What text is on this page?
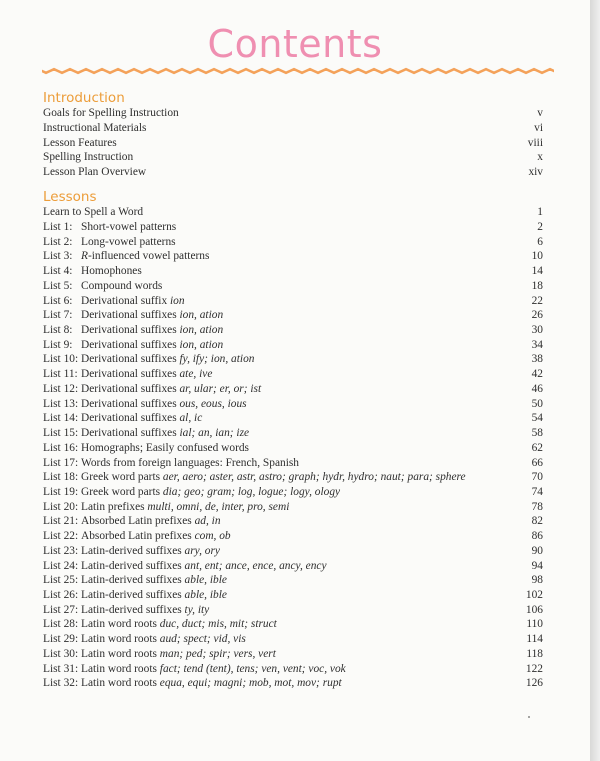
Contents
Introduction
Goals for Spelling Instruction	v
Instructional Materials	vi
Lesson Features	viii
Spelling Instruction	x
Lesson Plan Overview	xiv
Lessons
Learn to Spell a Word	1
List 1: Short-vowel patterns	2
List 2: Long-vowel patterns	6
List 3: R-influenced vowel patterns	10
List 4: Homophones	14
List 5: Compound words	18
List 6: Derivational suffix ion	22
List 7: Derivational suffixes ion, ation	26
List 8: Derivational suffixes ion, ation	30
List 9: Derivational suffixes ion, ation	34
List 10: Derivational suffixes fy, ify; ion, ation	38
List 11: Derivational suffixes ate, ive	42
List 12: Derivational suffixes ar, ular; er, or; ist	46
List 13: Derivational suffixes ous, eous, ious	50
List 14: Derivational suffixes al, ic	54
List 15: Derivational suffixes ial; an, ian; ize	58
List 16: Homographs; Easily confused words	62
List 17: Words from foreign languages: French, Spanish	66
List 18: Greek word parts aer, aero; aster, astr, astro; graph; hydr, hydro; naut; para; sphere	70
List 19: Greek word parts dia; geo; gram; log, logue; logy, ology	74
List 20: Latin prefixes multi, omni, de, inter, pro, semi	78
List 21: Absorbed Latin prefixes ad, in	82
List 22: Absorbed Latin prefixes com, ob	86
List 23: Latin-derived suffixes ary, ory	90
List 24: Latin-derived suffixes ant, ent; ance, ence, ancy, ency	94
List 25: Latin-derived suffixes able, ible	98
List 26: Latin-derived suffixes able, ible	102
List 27: Latin-derived suffixes ty, ity	106
List 28: Latin word roots duc, duct; mis, mit; struct	110
List 29: Latin word roots aud; spect; vid, vis	114
List 30: Latin word roots man; ped; spir; vers, vert	118
List 31: Latin word roots fact; tend (tent), tens; ven, vent; voc, vok	122
List 32: Latin word roots equa, equi; magni; mob, mot, mov; rupt	126
